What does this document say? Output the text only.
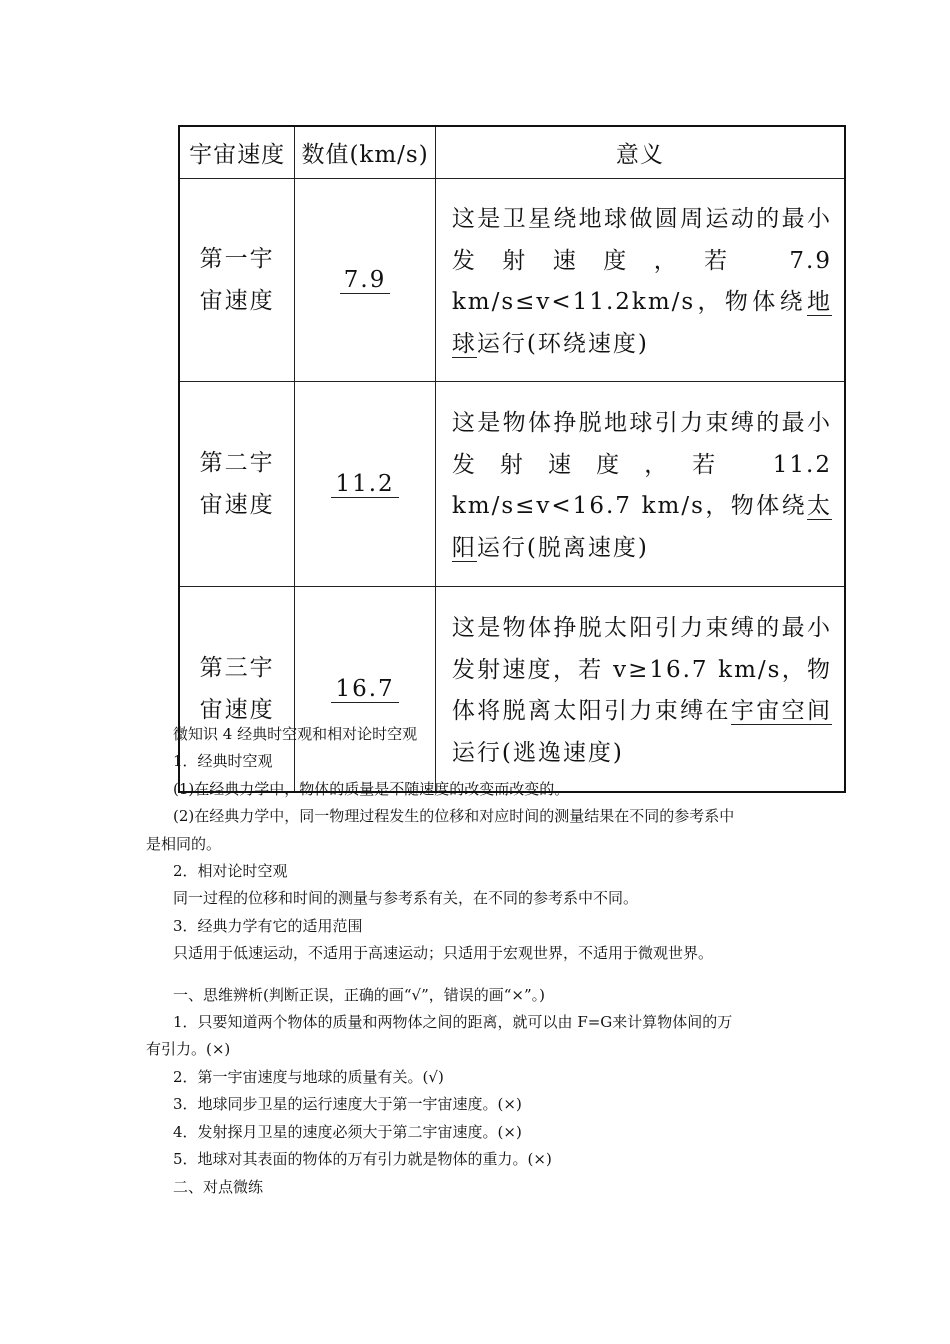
宇宙速度	数值(km/s)	意义

第一宇
宙速度	7.9	这是卫星绕地球做圆周运动的最小发射速度，若 7.9 km/s≤v<11.2km/s，物体绕地球运行(环绕速度)

第二宇
宙速度	11.2	这是物体挣脱地球引力束缚的最小发射速度，若 11.2 km/s≤v<16.7 km/s，物体绕太阳运行(脱离速度)

第三宇
宙速度	16.7	这是物体挣脱太阳引力束缚的最小发射速度，若 v≥16.7 km/s，物体将脱离太阳引力束缚在宇宙空间运行(逃逸速度)

微知识 4 经典时空观和相对论时空观

1．经典时空观

(1)在经典力学中，物体的质量是不随速度的改变而改变的。

(2)在经典力学中，同一物理过程发生的位移和对应时间的测量结果在不同的参考系中

是相同的。

2．相对论时空观

同一过程的位移和时间的测量与参考系有关，在不同的参考系中不同。

3．经典力学有它的适用范围

只适用于低速运动，不适用于高速运动；只适用于宏观世界，不适用于微观世界。

一、思维辨析(判断正误，正确的画“√”，错误的画“×”。)

1．只要知道两个物体的质量和两物体之间的距离，就可以由 F=G来计算物体间的万

有引力。(×)

2．第一宇宙速度与地球的质量有关。(√)

3．地球同步卫星的运行速度大于第一宇宙速度。(×)

4．发射探月卫星的速度必须大于第二宇宙速度。(×)

5．地球对其表面的物体的万有引力就是物体的重力。(×)

二、对点微练
